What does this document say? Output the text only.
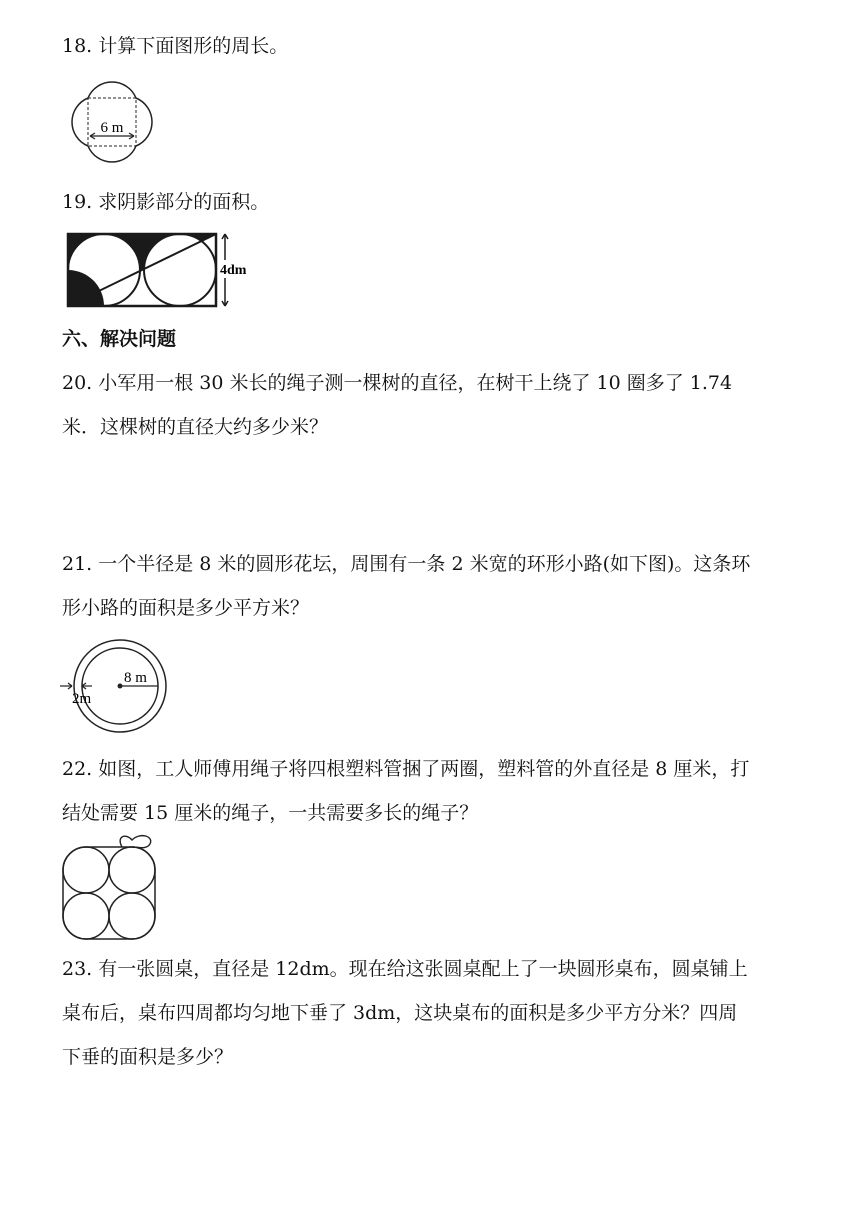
18. 计算下面图形的周长。
6 m
19. 求阴影部分的面积。
4dm
六、解决问题
20. 小军用一根 30 米长的绳子测一棵树的直径，在树干上绕了 10 圈多了 1.74
米．这棵树的直径大约多少米？
21. 一个半径是 8 米的圆形花坛，周围有一条 2 米宽的环形小路(如下图)。这条环
形小路的面积是多少平方米？
8 m
2m
22. 如图，工人师傅用绳子将四根塑料管捆了两圈，塑料管的外直径是 8 厘米，打
结处需要 15 厘米的绳子，一共需要多长的绳子？
23. 有一张圆桌，直径是 12dm。现在给这张圆桌配上了一块圆形桌布，圆桌铺上
桌布后，桌布四周都均匀地下垂了 3dm，这块桌布的面积是多少平方分米？四周
下垂的面积是多少？
